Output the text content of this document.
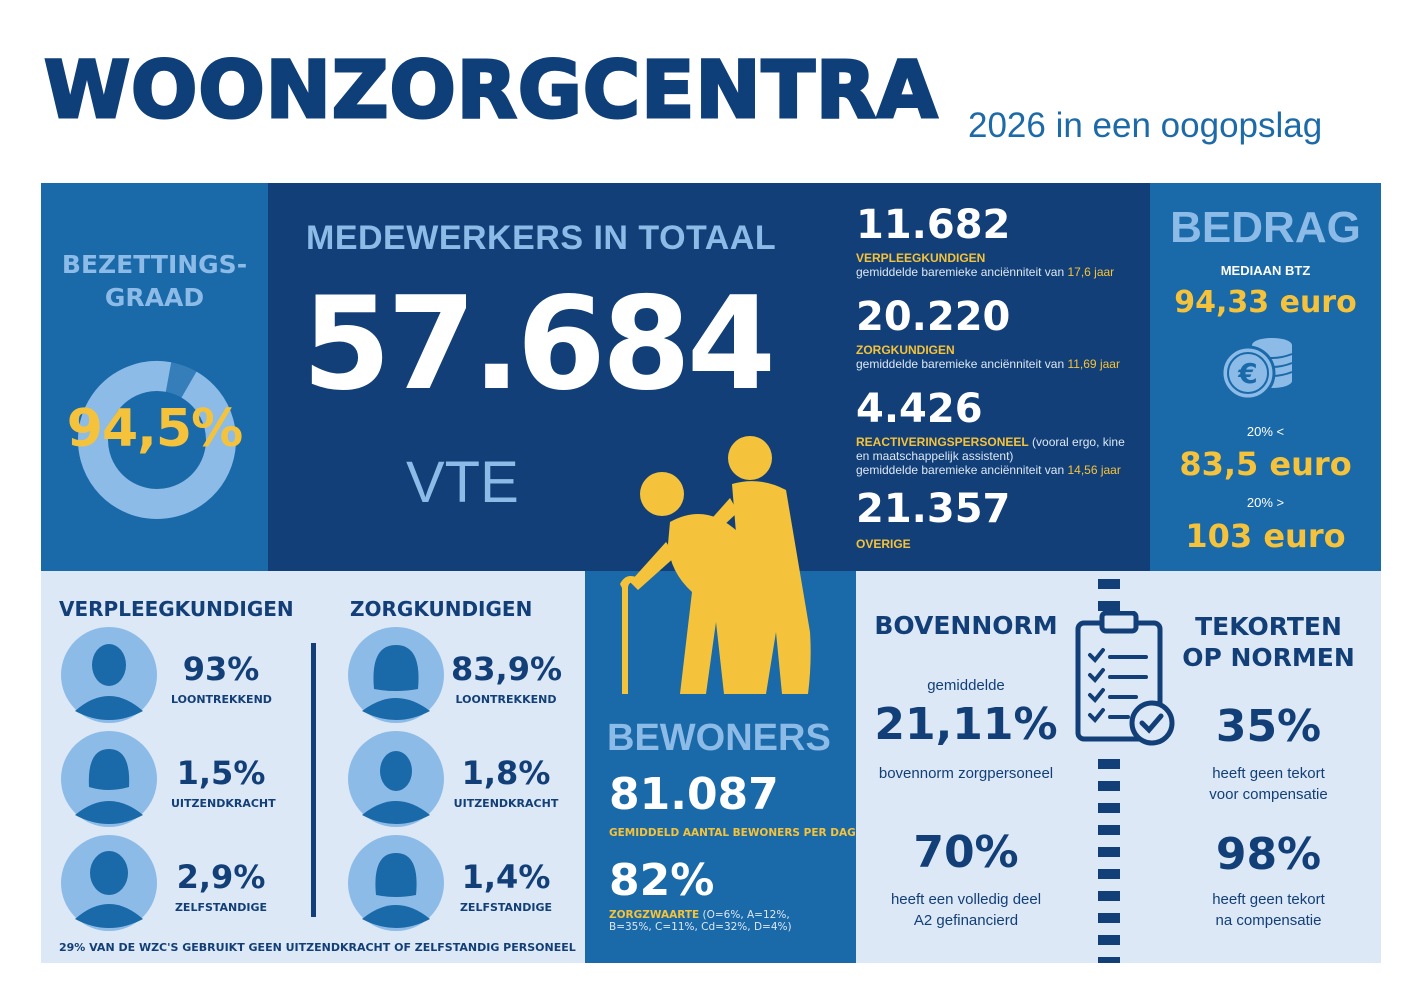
WOONZORGCENTRA 2026 in een oogopslag
BEZETTINGS-
GRAAD
94,5%
MEDEWERKERS IN TOTAAL
57.684
VTE
11.682
VERPLEEGKUNDIGEN
gemiddelde baremieke anciënniteit van 17,6 jaar
20.220
ZORGKUNDIGEN
gemiddelde baremieke anciënniteit van 11,69 jaar
4.426
REACTIVERINGSPERSONEEL (vooral ergo, kine
en maatschappelijk assistent)
gemiddelde baremieke anciënniteit van 14,56 jaar
21.357
OVERIGE
BEDRAG
MEDIAAN BTZ
94,33 euro
€
20% <
83,5 euro
20% >
103 euro
VERPLEEGKUNDIGEN	ZORGKUNDIGEN
93%
LOONTREKKEND
1,5%
UITZENDKRACHT
2,9%
ZELFSTANDIGE
83,9%
LOONTREKKEND
1,8%
UITZENDKRACHT
1,4%
ZELFSTANDIGE
29% VAN DE WZC'S GEBRUIKT GEEN UITZENDKRACHT OF ZELFSTANDIG PERSONEEL
BEWONERS
81.087
GEMIDDELD AANTAL BEWONERS PER DAG
82%
ZORGZWAARTE (O=6%, A=12%,
B=35%, C=11%, Cd=32%, D=4%)
BOVENNORM
gemiddelde
21,11%
bovennorm zorgpersoneel
70%
heeft een volledig deel
A2 gefinancierd
TEKORTEN
OP NORMEN
35%
heeft geen tekort
voor compensatie
98%
heeft geen tekort
na compensatie
